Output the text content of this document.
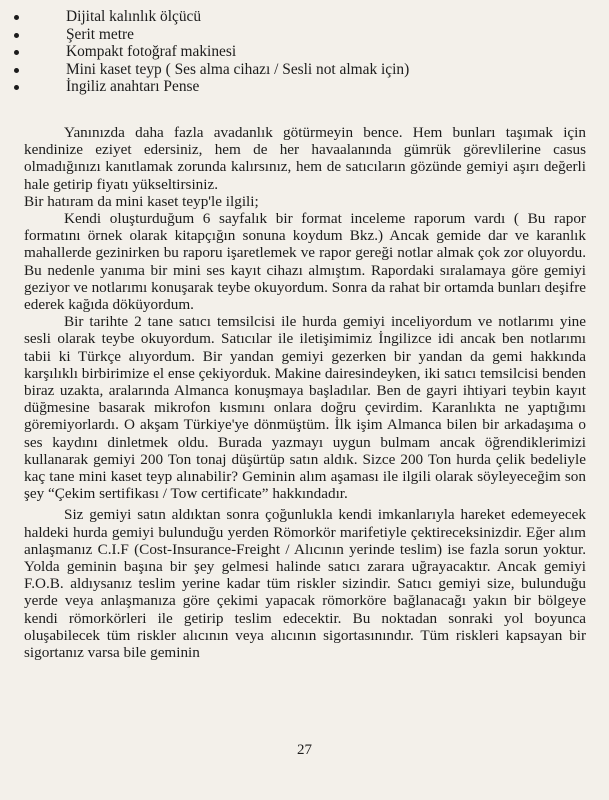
Dijital kalınlık ölçücü
Şerit metre
Kompakt fotoğraf makinesi
Mini kaset teyp ( Ses alma cihazı / Sesli not almak için)
İngiliz anahtarı Pense

Yanınızda daha fazla avadanlık götürmeyin bence. Hem bunları taşımak için kendinize eziyet edersiniz, hem de her havaalanında gümrük görevlilerine casus olmadığınızı kanıtlamak zorunda kalırsınız, hem de satıcıların gözünde gemiyi aşırı değerli hale getirip fiyatı yükseltirsiniz.

Bir hatıram da mini kaset teyp'le ilgili;

Kendi oluşturduğum 6 sayfalık bir format inceleme raporum vardı ( Bu rapor formatını örnek olarak kitapçığın sonuna koydum Bkz.) Ancak gemide dar ve karanlık mahallerde gezinirken bu raporu işaretlemek ve rapor gereği notlar almak çok zor oluyordu. Bu nedenle yanıma bir mini ses kayıt cihazı almıştım. Rapordaki sıralamaya göre gemiyi geziyor ve notlarımı konuşarak teybe okuyordum. Sonra da rahat bir ortamda bunları deşifre ederek kağıda döküyordum.

Bir tarihte 2 tane satıcı temsilcisi ile hurda gemiyi inceliyordum ve notlarımı yine sesli olarak teybe okuyordum. Satıcılar ile iletişimimiz İngilizce idi ancak ben notlarımı tabii ki Türkçe alıyordum. Bir yandan gemiyi gezerken bir yandan da gemi hakkında karşılıklı birbirimize el ense çekiyorduk. Makine dairesindeyken, iki satıcı temsilcisi benden biraz uzakta, aralarında Almanca konuşmaya başladılar. Ben de gayri ihtiyari teybin kayıt düğmesine basarak mikrofon kısmını onlara doğru çevirdim. Karanlıkta ne yaptığımı göremiyorlardı. O akşam Türkiye'ye dönmüştüm. İlk işim Almanca bilen bir arkadaşıma o ses kaydını dinletmek oldu. Burada yazmayı uygun bulmam ancak öğrendiklerimizi kullanarak gemiyi 200 Ton tonaj düşürtüp satın aldık. Sizce 200 Ton hurda çelik bedeliyle kaç tane mini kaset teyp alınabilir? Geminin alım aşaması ile ilgili olarak söyleyeceğim son şey “Çekim sertifikası / Tow certificate” hakkındadır.

Siz gemiyi satın aldıktan sonra çoğunlukla kendi imkanlarıyla hareket edemeyecek haldeki hurda gemiyi bulunduğu yerden Römorkör marifetiyle çektireceksinizdir. Eğer alım anlaşmanız C.I.F (Cost-Insurance-Freight / Alıcının yerinde teslim) ise fazla sorun yoktur. Yolda geminin başına bir şey gelmesi halinde satıcı zarara uğrayacaktır. Ancak gemiyi F.O.B. aldıysanız teslim yerine kadar tüm riskler sizindir. Satıcı gemiyi size, bulunduğu yerde veya anlaşmanıza göre çekimi yapacak römorköre bağlanacağı yakın bir bölgeye kendi römorkörleri ile getirip teslim edecektir. Bu noktadan sonraki yol boyunca oluşabilecek tüm riskler alıcının veya alıcının sigortasınındır. Tüm riskleri kapsayan bir sigortanız varsa bile geminin

27
